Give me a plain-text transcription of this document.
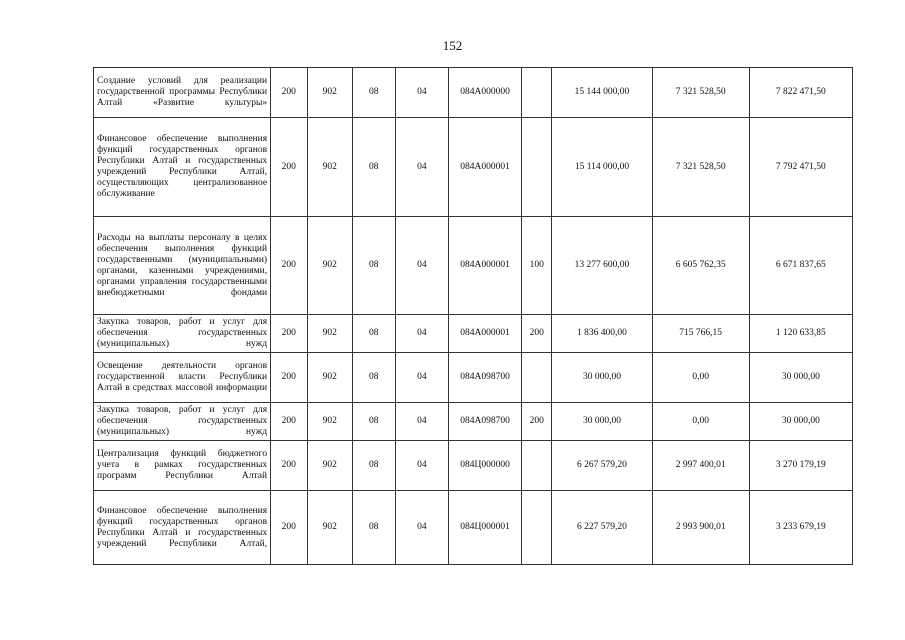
152
Создание условий для реализации государственной программы Республики Алтай «Развитие культуры»	200	902	08	04	084А000000		15 144 000,00	7 321 528,50	7 822 471,50
Финансовое обеспечение выполнения функций государственных органов Республики Алтай и государственных учреждений Республики Алтай, осуществляющих централизованное обслуживание	200	902	08	04	084А000001		15 114 000,00	7 321 528,50	7 792 471,50
Расходы на выплаты персоналу в целях обеспечения выполнения функций государственными (муниципальными) органами, казенными учреждениями, органами управления государственными внебюджетными фондами	200	902	08	04	084А000001	100	13 277 600,00	6 605 762,35	6 671 837,65
Закупка товаров, работ и услуг для обеспечения государственных (муниципальных) нужд	200	902	08	04	084А000001	200	1 836 400,00	715 766,15	1 120 633,85
Освещение деятельности органов государственной власти Республики Алтай в средствах массовой информации	200	902	08	04	084А098700		30 000,00	0,00	30 000,00
Закупка товаров, работ и услуг для обеспечения государственных (муниципальных) нужд	200	902	08	04	084А098700	200	30 000,00	0,00	30 000,00
Централизация функций бюджетного учета в рамках государственных программ Республики Алтай	200	902	08	04	084Ц000000		6 267 579,20	2 997 400,01	3 270 179,19
Финансовое обеспечение выполнения функций государственных органов Республики Алтай и государственных учреждений Республики Алтай,	200	902	08	04	084Ц000001		6 227 579,20	2 993 900,01	3 233 679,19
